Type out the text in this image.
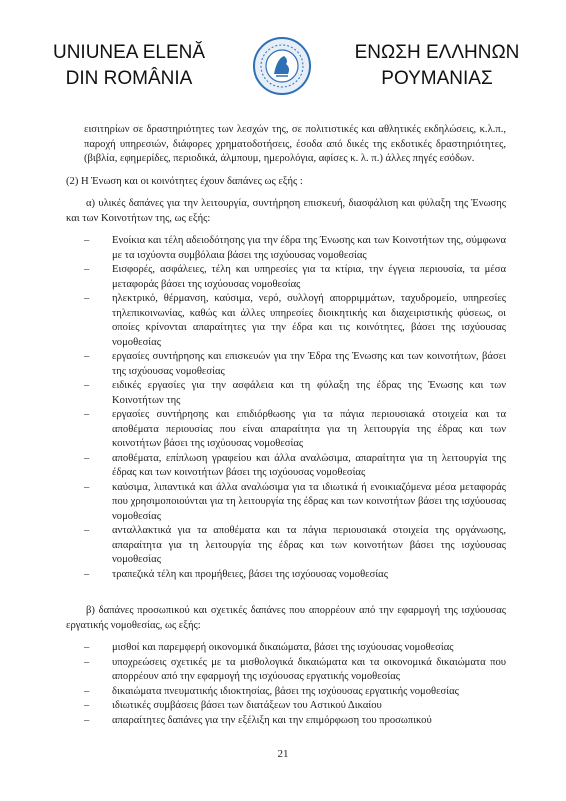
UNIUNEA ELENĂ
DIN ROMÂNIA
ΕΝΩΣΗ ΕΛΛΗΝΩΝ
ΡΟΥΜΑΝΙΑΣ

εισιτηρίων σε δραστηριότητες των λεσχών της, σε πολιτιστικές και αθλητικές εκδηλώσεις, κ.λ.π., παροχή υπηρεσιών, διάφορες χρηματοδοτήσεις, έσοδα από δικές της εκδοτικές δραστηριότητες, (βιβλία, εφημερίδες, περιοδικά, άλμπουμ, ημερολόγια, αφίσες κ. λ. π.) άλλες πηγές εσόδων.

(2) Η Ένωση και οι κοινότητες έχουν δαπάνες ως εξής :

α) υλικές δαπάνες για την λειτουργία, συντήρηση επισκευή, διασφάλιση και φύλαξη της Ένωσης και των Κοινοτήτων της, ως εξής:

– Ενοίκια και τέλη αδειοδότησης για την έδρα της Ένωσης και των Κοινοτήτων της, σύμφωνα με τα ισχύοντα συμβόλαια βάσει της ισχύουσας νομοθεσίας
– Εισφορές, ασφάλειες, τέλη και υπηρεσίες για τα κτίρια, την έγγεια περιουσία, τα μέσα μεταφοράς βάσει της ισχύουσας νομοθεσίας
– ηλεκτρικό, θέρμανση, καύσιμα, νερό, συλλογή απορριμμάτων, ταχυδρομείο, υπηρεσίες τηλεπικοινωνίας, καθώς και άλλες υπηρεσίες διοικητικής και διαχειριστικής φύσεως, οι οποίες κρίνονται απαραίτητες για την έδρα και τις κοινότητες, βάσει της ισχύουσας νομοθεσίας
– εργασίες συντήρησης και επισκευών για την Έδρα της Ένωσης και των κοινοτήτων, βάσει της ισχύουσας νομοθεσίας
– ειδικές εργασίες για την ασφάλεια και τη φύλαξη της έδρας της Ένωσης και των Κοινοτήτων της
– εργασίες συντήρησης και επιδιόρθωσης για τα πάγια περιουσιακά στοιχεία και τα αποθέματα περιουσίας που είναι απαραίτητα για τη λειτουργία της έδρας και των κοινοτήτων βάσει της ισχύουσας νομοθεσίας
– αποθέματα, επίπλωση γραφείου και άλλα αναλώσιμα, απαραίτητα για τη λειτουργία της έδρας και των κοινοτήτων βάσει της ισχύουσας νομοθεσίας
– καύσιμα, λιπαντικά και άλλα αναλώσιμα για τα ιδιωτικά ή ενοικιαζόμενα μέσα μεταφοράς που χρησιμοποιούνται για τη λειτουργία της έδρας και των κοινοτήτων βάσει της ισχύουσας νομοθεσίας
– ανταλλακτικά για τα αποθέματα και τα πάγια περιουσιακά στοιχεία της οργάνωσης, απαραίτητα για τη λειτουργία της έδρας και των κοινοτήτων βάσει της ισχύουσας νομοθεσίας
– τραπεζικά τέλη και προμήθειες, βάσει της ισχύουσας νομοθεσίας

β) δαπάνες προσωπικού και σχετικές δαπάνες που απορρέουν από την εφαρμογή της ισχύουσας εργατικής νομοθεσίας, ως εξής:

– μισθοί και παρεμφερή οικονομικά δικαιώματα, βάσει της ισχύουσας νομοθεσίας
– υποχρεώσεις σχετικές με τα μισθολογικά δικαιώματα και τα οικονομικά δικαιώματα που απορρέουν από την εφαρμογή της ισχύουσας εργατικής νομοθεσίας
– δικαιώματα πνευματικής ιδιοκτησίας, βάσει της ισχύουσας εργατικής νομοθεσίας
– ιδιωτικές συμβάσεις βάσει των διατάξεων του Αστικού Δικαίου
– απαραίτητες δαπάνες για την εξέλιξη και την επιμόρφωση του προσωπικού
21
